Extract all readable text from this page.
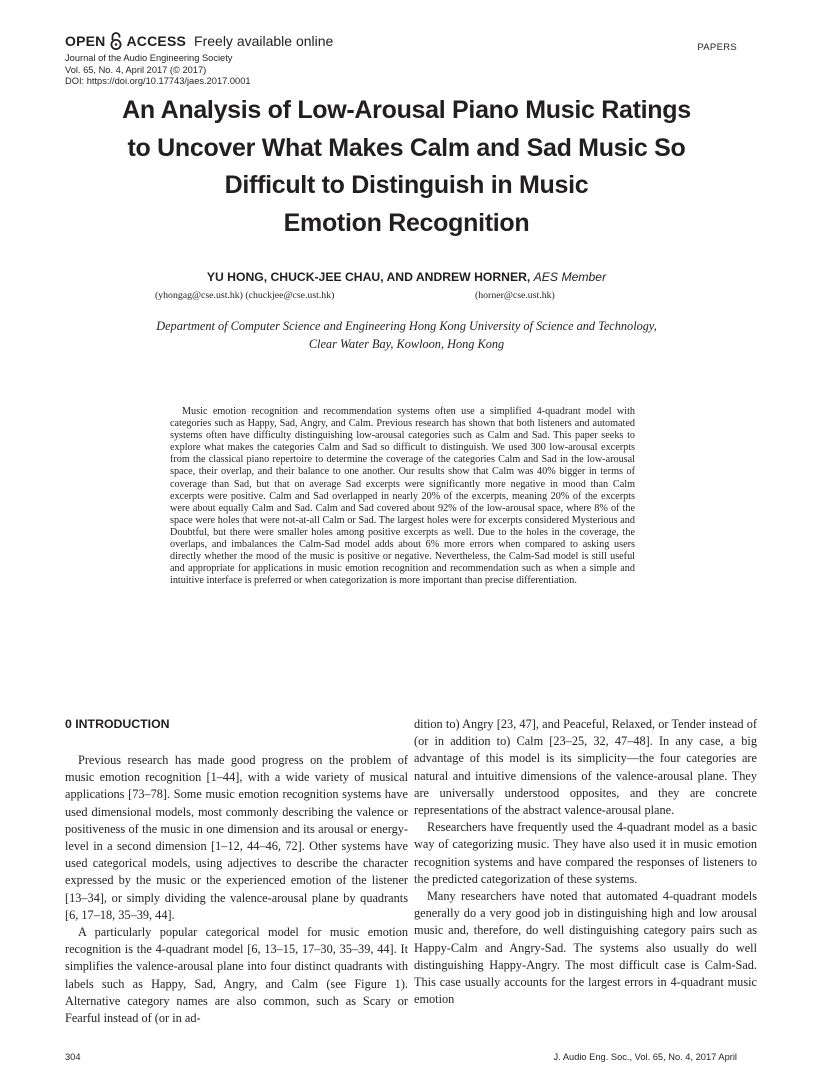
OPEN ACCESS Freely available online
Journal of the Audio Engineering Society
Vol. 65, No. 4, April 2017 (© 2017)
DOI: https://doi.org/10.17743/jaes.2017.0001
PAPERS
An Analysis of Low-Arousal Piano Music Ratings
to Uncover What Makes Calm and Sad Music So
Difficult to Distinguish in Music
Emotion Recognition
YU HONG, CHUCK-JEE CHAU, AND ANDREW HORNER, AES Member
(yhongag@cse.ust.hk) (chuckjee@cse.ust.hk)	(horner@cse.ust.hk)
Department of Computer Science and Engineering Hong Kong University of Science and Technology,
Clear Water Bay, Kowloon, Hong Kong

Music emotion recognition and recommendation systems often use a simplified 4-quadrant model with categories such as Happy, Sad, Angry, and Calm. Previous research has shown that both listeners and automated systems often have difficulty distinguishing low-arousal categories such as Calm and Sad. This paper seeks to explore what makes the categories Calm and Sad so difficult to distinguish. We used 300 low-arousal excerpts from the classical piano repertoire to determine the coverage of the categories Calm and Sad in the low-arousal space, their overlap, and their balance to one another. Our results show that Calm was 40% bigger in terms of coverage than Sad, but that on average Sad excerpts were significantly more negative in mood than Calm excerpts were positive. Calm and Sad overlapped in nearly 20% of the excerpts, meaning 20% of the excerpts were about equally Calm and Sad. Calm and Sad covered about 92% of the low-arousal space, where 8% of the space were holes that were not-at-all Calm or Sad. The largest holes were for excerpts considered Mysterious and Doubtful, but there were smaller holes among positive excerpts as well. Due to the holes in the coverage, the overlaps, and imbalances the Calm-Sad model adds about 6% more errors when compared to asking users directly whether the mood of the music is positive or negative. Nevertheless, the Calm-Sad model is still useful and appropriate for applications in music emotion recognition and recommendation such as when a simple and intuitive interface is preferred or when categorization is more important than precise differentiation.

0 INTRODUCTION

Previous research has made good progress on the problem of music emotion recognition [1–44], with a wide variety of musical applications [73–78]. Some music emotion recognition systems have used dimensional models, most commonly describing the valence or positiveness of the music in one dimension and its arousal or energy-level in a second dimension [1–12, 44–46, 72]. Other systems have used categorical models, using adjectives to describe the character expressed by the music or the experienced emotion of the listener [13–34], or simply dividing the valence-arousal plane by quadrants [6, 17–18, 35–39, 44].

A particularly popular categorical model for music emotion recognition is the 4-quadrant model [6, 13–15, 17–30, 35–39, 44]. It simplifies the valence-arousal plane into four distinct quadrants with labels such as Happy, Sad, Angry, and Calm (see Figure 1). Alternative category names are also common, such as Scary or Fearful instead of (or in ad-

dition to) Angry [23, 47], and Peaceful, Relaxed, or Tender instead of (or in addition to) Calm [23–25, 32, 47–48]. In any case, a big advantage of this model is its simplicity—the four categories are natural and intuitive dimensions of the valence-arousal plane. They are universally understood opposites, and they are concrete representations of the abstract valence-arousal plane.

Researchers have frequently used the 4-quadrant model as a basic way of categorizing music. They have also used it in music emotion recognition systems and have compared the responses of listeners to the predicted categorization of these systems.

Many researchers have noted that automated 4-quadrant models generally do a very good job in distinguishing high and low arousal music and, therefore, do well distinguishing category pairs such as Happy-Calm and Angry-Sad. The systems also usually do well distinguishing Happy-Angry. The most difficult case is Calm-Sad. This case usually accounts for the largest errors in 4-quadrant music emotion

304	J. Audio Eng. Soc., Vol. 65, No. 4, 2017 April
